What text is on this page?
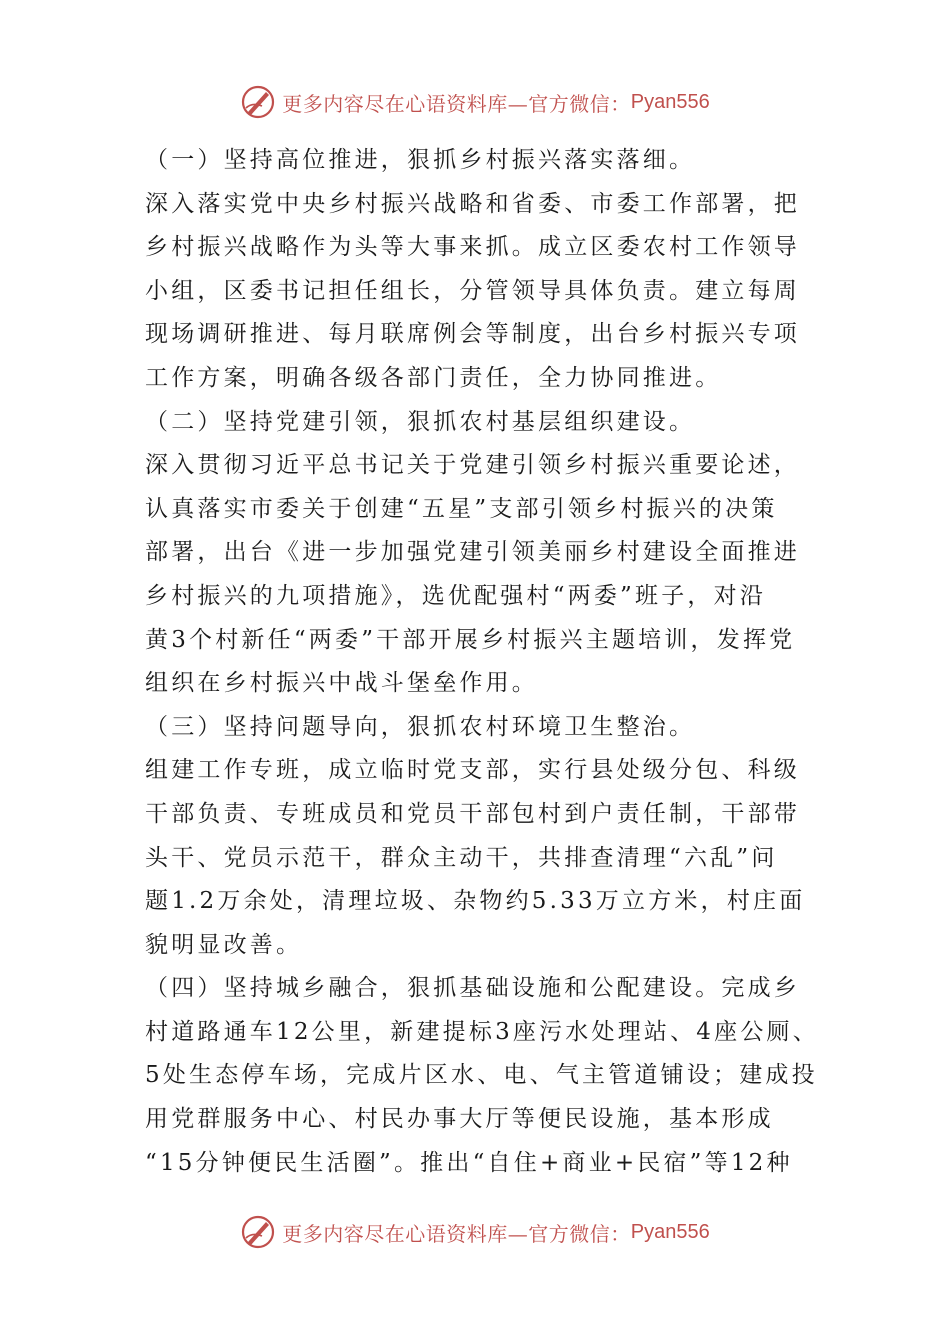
更多内容尽在心语资料库—官方微信： Pyan556
（一）坚持高位推进，狠抓乡村振兴落实落细。
深入落实党中央乡村振兴战略和省委、市委工作部署，把
乡村振兴战略作为头等大事来抓。成立区委农村工作领导
小组，区委书记担任组长，分管领导具体负责。建立每周
现场调研推进、每月联席例会等制度，出台乡村振兴专项
工作方案，明确各级各部门责任，全力协同推进。
（二）坚持党建引领，狠抓农村基层组织建设。
深入贯彻习近平总书记关于党建引领乡村振兴重要论述，
认真落实市委关于创建“五星”支部引领乡村振兴的决策
部署，出台《进一步加强党建引领美丽乡村建设全面推进
乡村振兴的九项措施》，选优配强村“两委”班子，对沿
黄3个村新任“两委”干部开展乡村振兴主题培训，发挥党
组织在乡村振兴中战斗堡垒作用。
（三）坚持问题导向，狠抓农村环境卫生整治。
组建工作专班，成立临时党支部，实行县处级分包、科级
干部负责、专班成员和党员干部包村到户责任制，干部带
头干、党员示范干，群众主动干，共排查清理“六乱”问
题1.2万余处，清理垃圾、杂物约5.33万立方米，村庄面
貌明显改善。
（四）坚持城乡融合，狠抓基础设施和公配建设。完成乡
村道路通车12公里，新建提标3座污水处理站、4座公厕、
5处生态停车场，完成片区水、电、气主管道铺设；建成投
用党群服务中心、村民办事大厅等便民设施，基本形成
“15分钟便民生活圈”。推出“自住+商业+民宿”等12种
更多内容尽在心语资料库—官方微信： Pyan556
